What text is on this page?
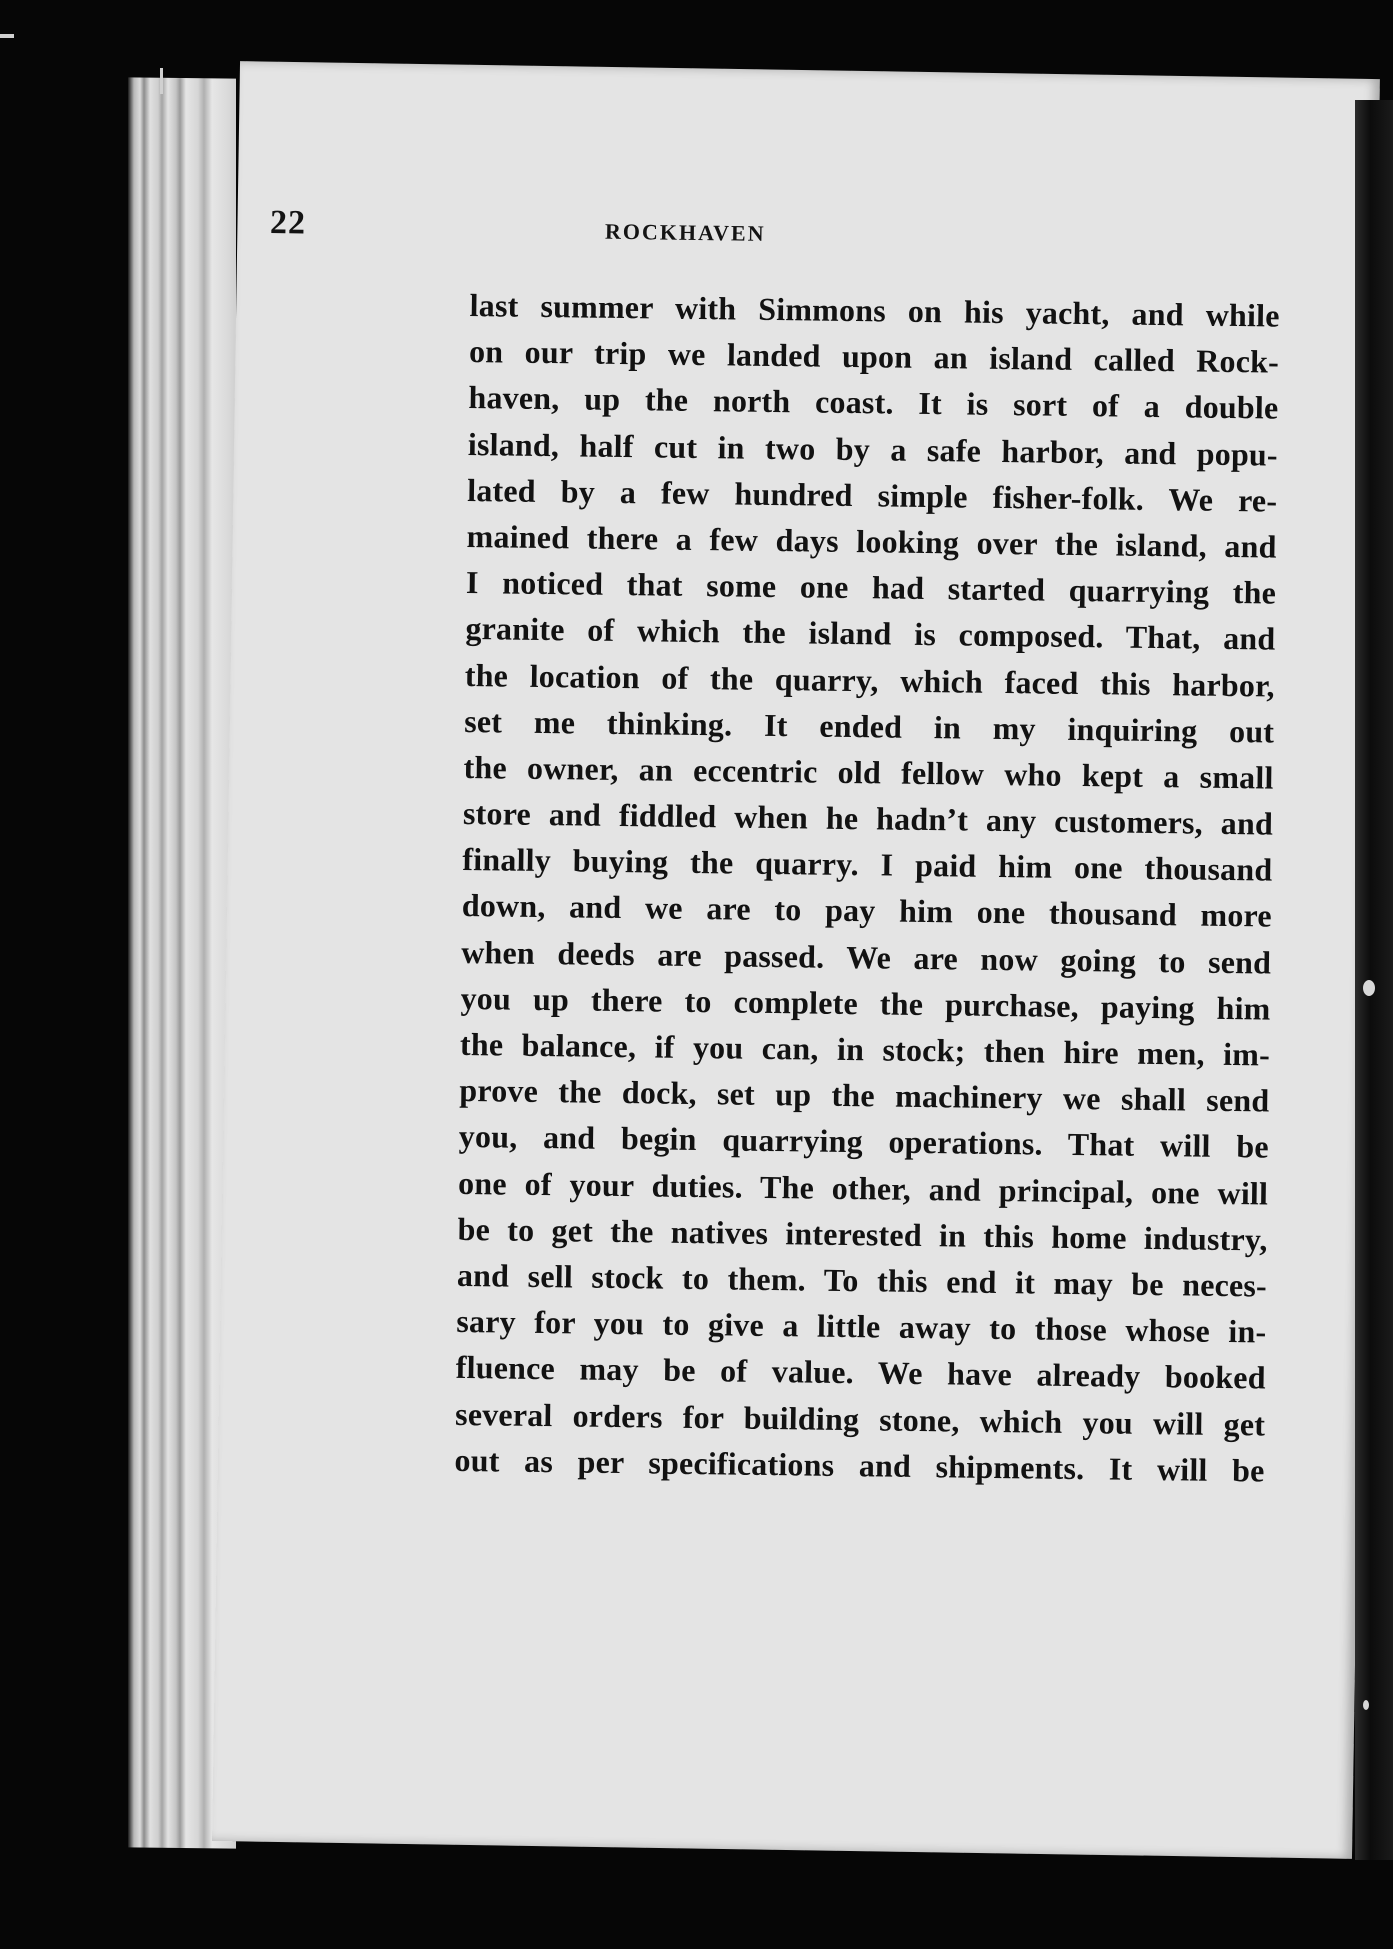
22	ROCKHAVEN
last summer with Simmons on his yacht, and while
on our trip we landed upon an island called Rock-
haven, up the north coast. It is sort of a double
island, half cut in two by a safe harbor, and popu-
lated by a few hundred simple fisher-folk. We re-
mained there a few days looking over the island, and
I noticed that some one had started quarrying the
granite of which the island is composed. That, and
the location of the quarry, which faced this harbor,
set me thinking. It ended in my inquiring out
the owner, an eccentric old fellow who kept a small
store and fiddled when he hadn’t any customers, and
finally buying the quarry. I paid him one thousand
down, and we are to pay him one thousand more
when deeds are passed. We are now going to send
you up there to complete the purchase, paying him
the balance, if you can, in stock; then hire men, im-
prove the dock, set up the machinery we shall send
you, and begin quarrying operations. That will be
one of your duties. The other, and principal, one will
be to get the natives interested in this home industry,
and sell stock to them. To this end it may be neces-
sary for you to give a little away to those whose in-
fluence may be of value. We have already booked
several orders for building stone, which you will get
out as per specifications and shipments. It will be
